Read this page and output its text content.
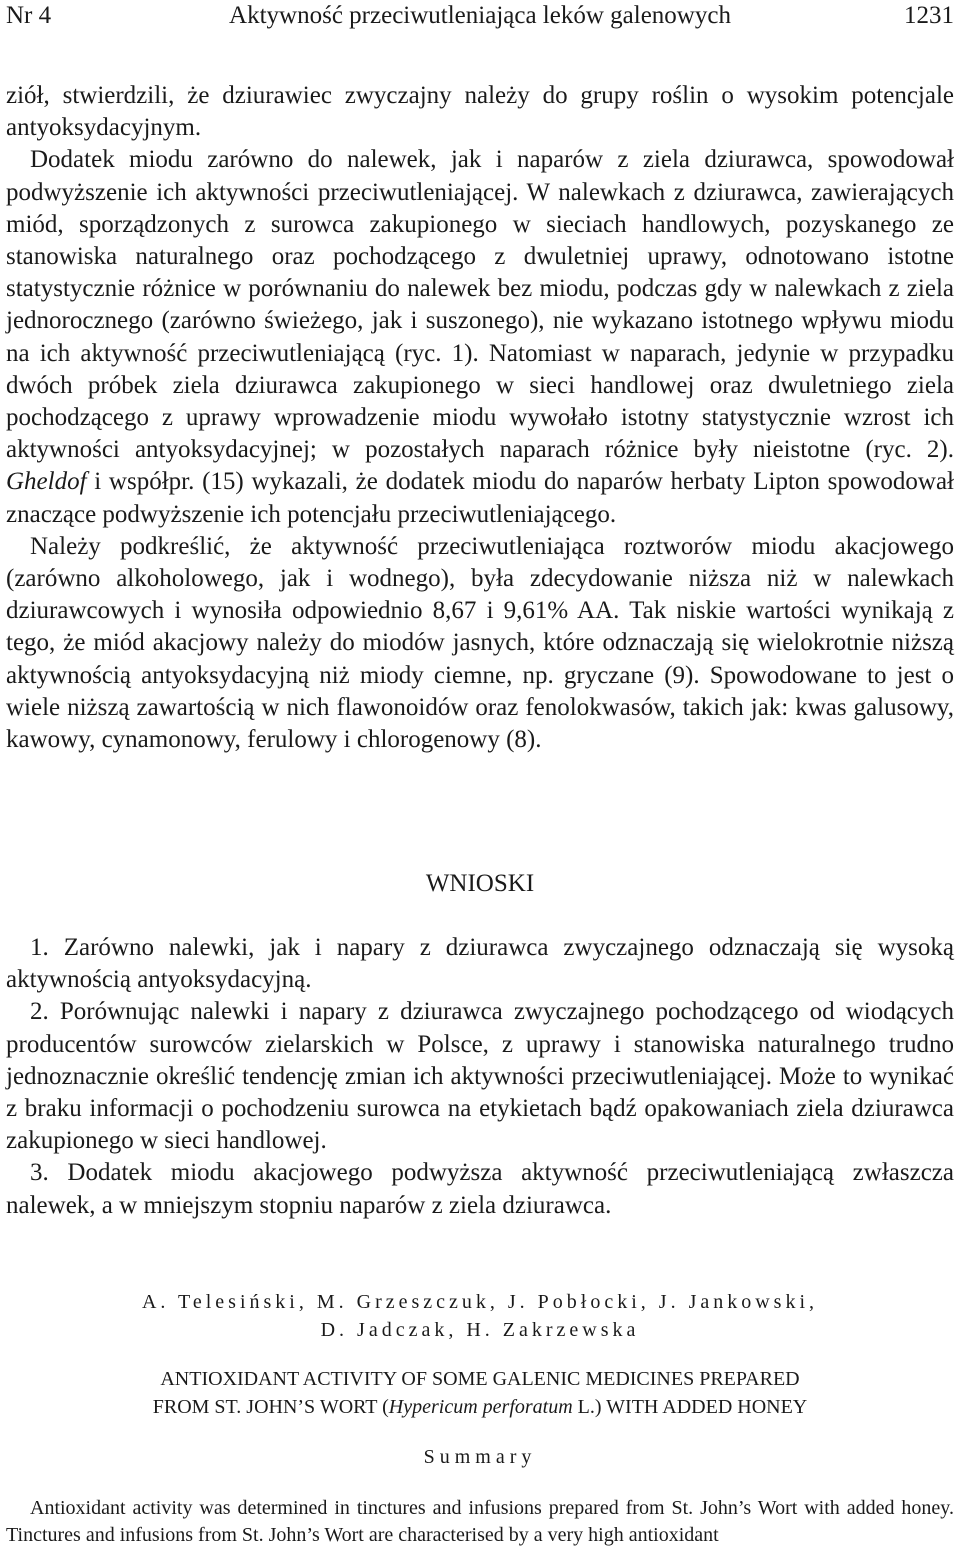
Nr 4	Aktywność przeciwutleniająca leków galenowych	1231

ziół, stwierdzili, że dziurawiec zwyczajny należy do grupy roślin o wysokim potencjale antyoksydacyjnym.

Dodatek miodu zarówno do nalewek, jak i naparów z ziela dziurawca, spowodował podwyższenie ich aktywności przeciwutleniającej. W nalewkach z dziurawca, zawierających miód, sporządzonych z surowca zakupionego w sieciach handlowych, pozyskanego ze stanowiska naturalnego oraz pochodzącego z dwuletniej uprawy, odnotowano istotne statystycznie różnice w porównaniu do nalewek bez miodu, podczas gdy w nalewkach z ziela jednorocznego (zarówno świeżego, jak i suszonego), nie wykazano istotnego wpływu miodu na ich aktywność przeciwutleniającą (ryc. 1). Natomiast w naparach, jedynie w przypadku dwóch próbek ziela dziurawca zakupionego w sieci handlowej oraz dwuletniego ziela pochodzącego z uprawy wprowadzenie miodu wywołało istotny statystycznie wzrost ich aktywności antyoksydacyjnej; w pozostałych naparach różnice były nieistotne (ryc. 2). Gheldof i współpr. (15) wykazali, że dodatek miodu do naparów herbaty Lipton spowodował znaczące podwyższenie ich potencjału przeciwutleniającego.

Należy podkreślić, że aktywność przeciwutleniająca roztworów miodu akacjowego (zarówno alkoholowego, jak i wodnego), była zdecydowanie niższa niż w nalewkach dziurawcowych i wynosiła odpowiednio 8,67 i 9,61% AA. Tak niskie wartości wynikają z tego, że miód akacjowy należy do miodów jasnych, które odznaczają się wielokrotnie niższą aktywnością antyoksydacyjną niż miody ciemne, np. gryczane (9). Spowodowane to jest o wiele niższą zawartością w nich flawonoidów oraz fenolokwasów, takich jak: kwas galusowy, kawowy, cynamonowy, ferulowy i chlorogenowy (8).

WNIOSKI

1. Zarówno nalewki, jak i napary z dziurawca zwyczajnego odznaczają się wysoką aktywnością antyoksydacyjną.

2. Porównując nalewki i napary z dziurawca zwyczajnego pochodzącego od wiodących producentów surowców zielarskich w Polsce, z uprawy i stanowiska naturalnego trudno jednoznacznie określić tendencję zmian ich aktywności przeciwutleniającej. Może to wynikać z braku informacji o pochodzeniu surowca na etykietach bądź opakowaniach ziela dziurawca zakupionego w sieci handlowej.

3. Dodatek miodu akacjowego podwyższa aktywność przeciwutleniającą zwłaszcza nalewek, a w mniejszym stopniu naparów z ziela dziurawca.

A. Telesiński, M. Grzeszczuk, J. Pobłocki, J. Jankowski,
D. Jadczak, H. Zakrzewska
ANTIOXIDANT ACTIVITY OF SOME GALENIC MEDICINES PREPARED
FROM ST. JOHN’S WORT (Hypericum perforatum L.) WITH ADDED HONEY
Summary

Antioxidant activity was determined in tinctures and infusions prepared from St. John’s Wort with added honey. Tinctures and infusions from St. John’s Wort are characterised by a very high antioxidant
